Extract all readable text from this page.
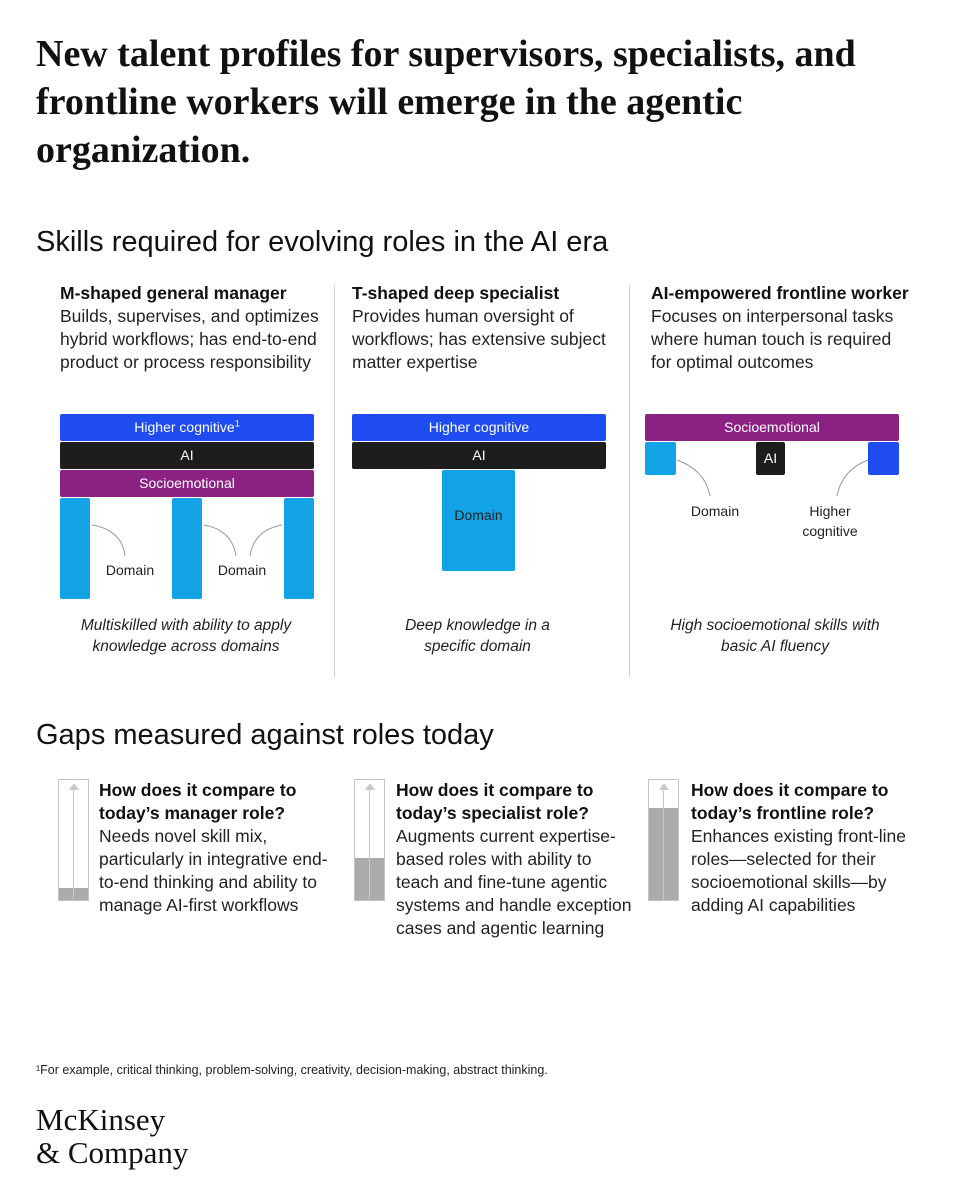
New talent profiles for supervisors, specialists, and frontline workers will emerge in the agentic organization.
Skills required for evolving roles in the AI era
M-shaped general manager
Builds, supervises, and optimizes hybrid workflows; has end-to-end product or process responsibility
T-shaped deep specialist
Provides human oversight of workflows; has extensive subject matter expertise
AI-empowered frontline worker
Focuses on interpersonal tasks where human touch is required for optimal outcomes
Higher cognitive$^1$
AI
Socioemotional
Domain	Domain
Higher cognitive
AI
Domain
Socioemotional
AI
Domain	Higher
cognitive
Multiskilled with ability to apply knowledge across domains
Deep knowledge in a specific domain
High socioemotional skills with basic AI fluency
Gaps measured against roles today
How does it compare to today’s manager role?
Needs novel skill mix, particularly in integrative end-to-end thinking and ability to manage AI-first workflows
How does it compare to today’s specialist role?
Augments current expertise-based roles with ability to teach and fine-tune agentic systems and handle exception cases and agentic learning
How does it compare to today’s frontline role?
Enhances existing front-line roles—selected for their socioemotional skills—by adding AI capabilities
¹For example, critical thinking, problem-solving, creativity, decision-making, abstract thinking.
McKinsey
& Company
